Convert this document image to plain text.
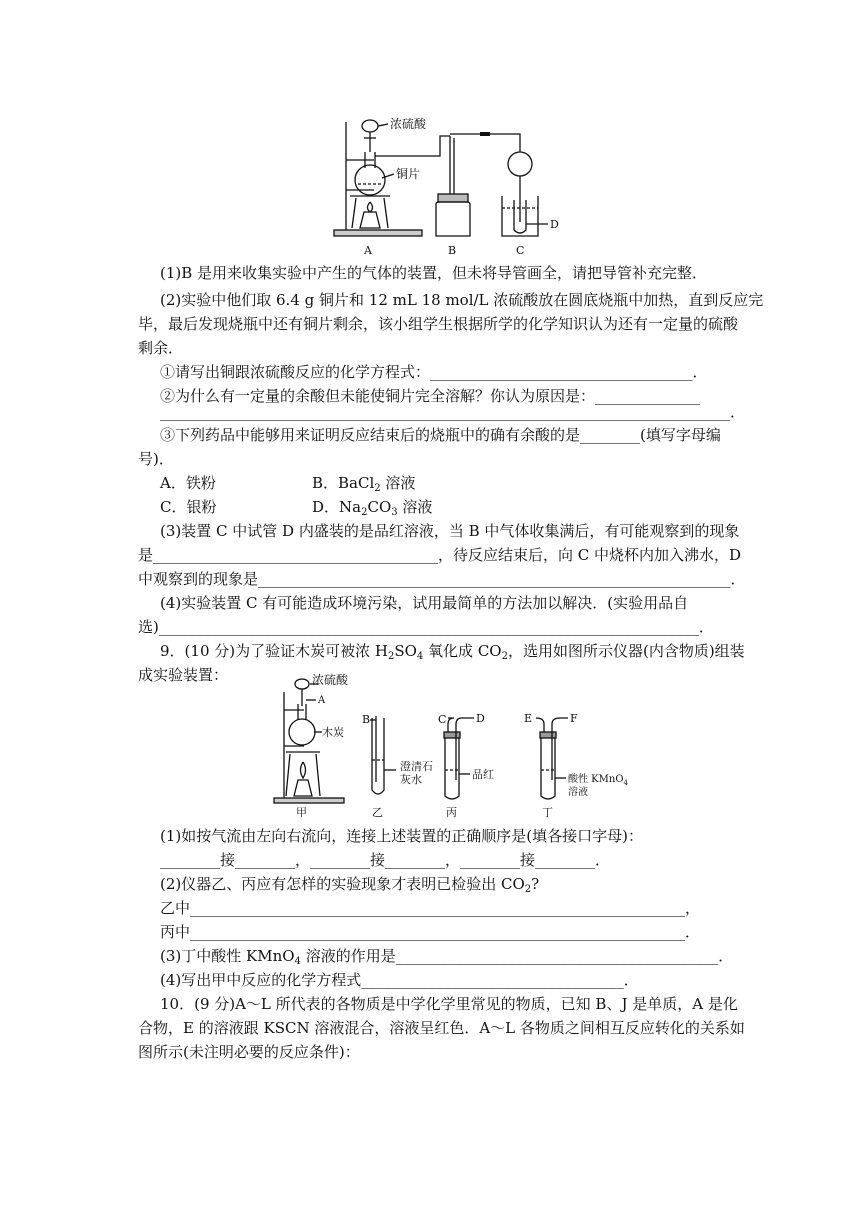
浓硫酸
铜片
A	B	C
D
(1)B 是用来收集实验中产生的气体的装置，但未将导管画全，请把导管补充完整．
(2)实验中他们取 6.4 g 铜片和 12 mL 18 mol/L 浓硫酸放在圆底烧瓶中加热，直到反应完
毕，最后发现烧瓶中还有铜片剩余，该小组学生根据所学的化学知识认为还有一定量的硫酸
剩余．
①请写出铜跟浓硫酸反应的化学方程式：___________________________________．
②为什么有一定量的余酸但未能使铜片完全溶解？你认为原因是：______________
____________________________________________________________________________．
③下列药品中能够用来证明反应结束后的烧瓶中的确有余酸的是________(填写字母编
号)．
A．铁粉	B．BaCl$_2$ 溶液
C．银粉	D．$Na_2CO_3$ 溶液
(3)装置 C 中试管 D 内盛装的是品红溶液，当 B 中气体收集满后，有可能观察到的现象
是______________________________________，待反应结束后，向 C 中烧杯内加入沸水，D
中观察到的现象是_______________________________________________________________．
(4)实验装置 C 有可能造成环境污染，试用最简单的方法加以解决．(实验用品自
选)________________________________________________________________________．
9．(10 分)为了验证木炭可被浓 $H_2SO_4$ 氧化成 $CO_2$，选用如图所示仪器(内含物质)组装
成实验装置：	浓硫酸
A
木炭
B	C	D	E	F
澄清石
灰水	品红	酸性 KMnO$_4$
溶液
甲	乙	丙	丁
(1)如按气流由左向右流向，连接上述装置的正确顺序是(填各接口字母)：
________接________，________接________，________接________．
(2)仪器乙、丙应有怎样的实验现象才表明已检验出 $CO_2$?
乙中__________________________________________________________________，
丙中__________________________________________________________________．
(3)丁中酸性 KMnO$_4$ 溶液的作用是___________________________________________．
(4)写出甲中反应的化学方程式___________________________________．
10．(9 分)A～L 所代表的各物质是中学化学里常见的物质，已知 B、J 是单质，A 是化
合物，E 的溶液跟 KSCN 溶液混合，溶液呈红色．A～L 各物质之间相互反应转化的关系如
图所示(未注明必要的反应条件)：
